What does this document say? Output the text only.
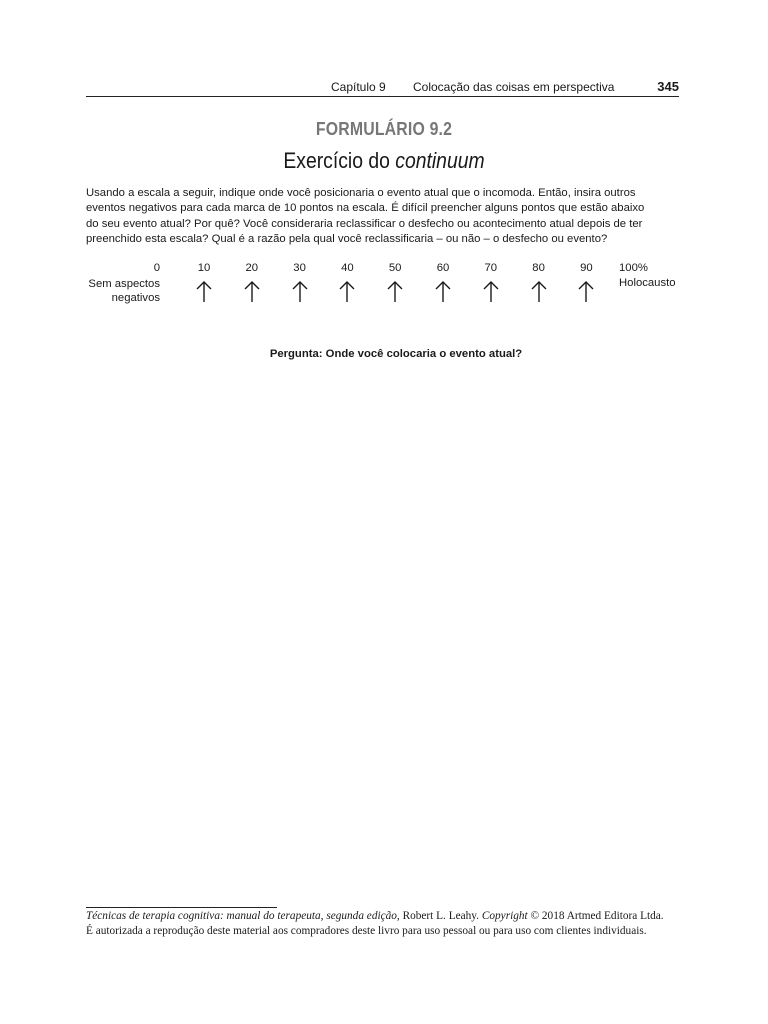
Capítulo 9 Colocação das coisas em perspectiva	345
FORMULÁRIO 9.2
Exercício do continuum
Usando a escala a seguir, indique onde você posicionaria o evento atual que o incomoda. Então, insira outros
eventos negativos para cada marca de 10 pontos na escala. É difícil preencher alguns pontos que estão abaixo
do seu evento atual? Por quê? Você consideraria reclassificar o desfecho ou acontecimento atual depois de ter
preenchido esta escala? Qual é a razão pela qual você reclassificaria – ou não – o desfecho ou evento?
0
Sem aspectos
negativos
10	20	30	40	50	60	70	80	90	100%
Holocausto
Pergunta: Onde você colocaria o evento atual?
Técnicas de terapia cognitiva: manual do terapeuta, segunda edição, Robert L. Leahy. Copyright © 2018 Artmed Editora Ltda.
É autorizada a reprodução deste material aos compradores deste livro para uso pessoal ou para uso com clientes individuais.
